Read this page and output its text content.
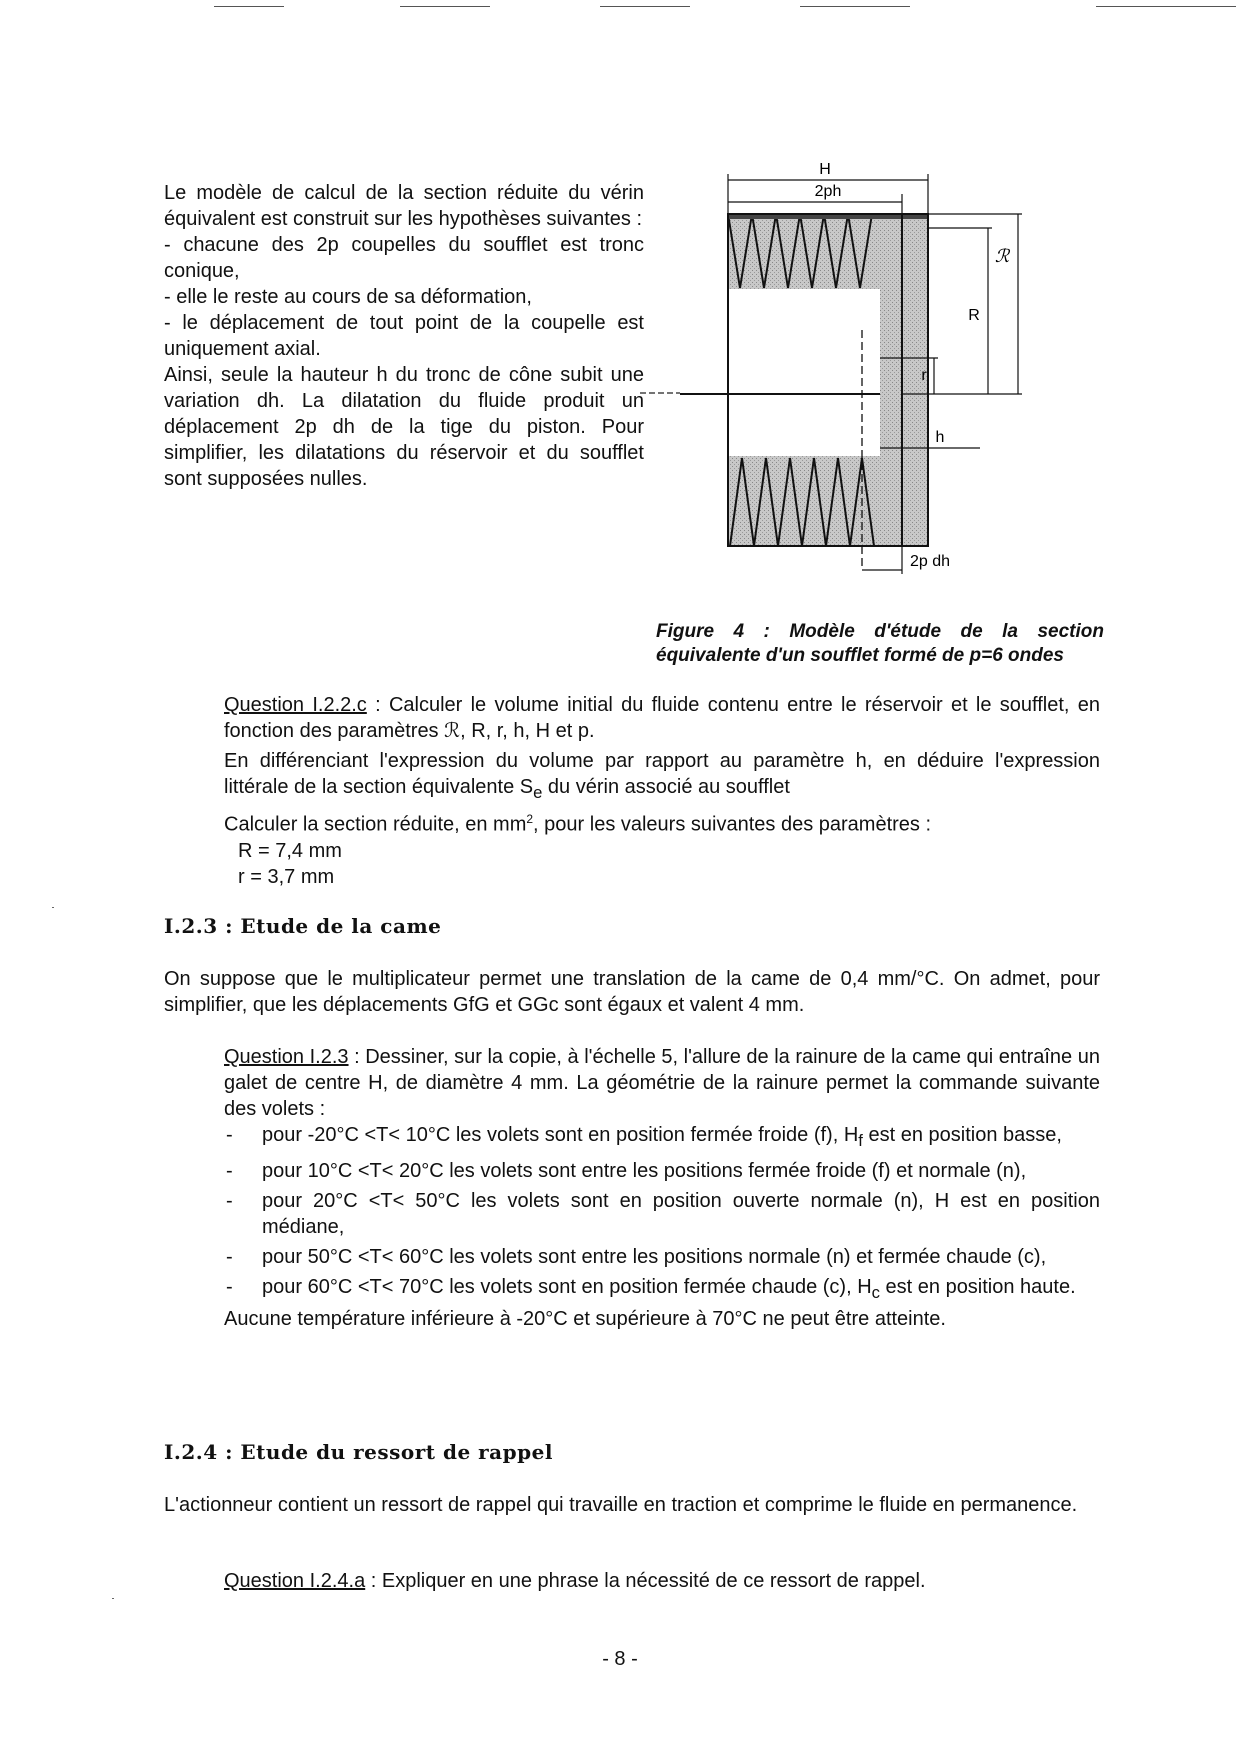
Le modèle de calcul de la section réduite du vérin équivalent est construit sur les hypothèses suivantes :

- chacune des 2p coupelles du soufflet est tronc conique,

- elle le reste au cours de sa déformation,

- le déplacement de tout point de la coupelle est uniquement axial.

Ainsi, seule la hauteur h du tronc de cône subit une variation dh. La dilatation du fluide produit un déplacement 2p dh de la tige du piston. Pour simplifier, les dilatations du réservoir et du soufflet sont supposées nulles.

H
2ph
ℛ
R
r
h
2p dh
Figure 4 : Modèle d'étude de la section équivalente d'un soufflet formé de p=6 ondes

Question I.2.2.c : Calculer le volume initial du fluide contenu entre le réservoir et le soufflet, en fonction des paramètres ℛ, R, r, h, H et p.

En différenciant l'expression du volume par rapport au paramètre h, en déduire l'expression littérale de la section équivalente $S_e$ du vérin associé au soufflet

Calculer la section réduite, en $mm^2$, pour les valeurs suivantes des paramètres :

R = 7,4 mm

r = 3,7 mm

I.2.3 : Etude de la came

On suppose que le multiplicateur permet une translation de la came de 0,4 mm/°C. On admet, pour simplifier, que les déplacements GfG et GGc sont égaux et valent 4 mm.

Question I.2.3 : Dessiner, sur la copie, à l'échelle 5, l'allure de la rainure de la came qui entraîne un galet de centre H, de diamètre 4 mm. La géométrie de la rainure permet la commande suivante des volets :

- pour -20°C <T< 10°C les volets sont en position fermée froide (f), $H_f$ est en position basse,
- pour 10°C <T< 20°C les volets sont entre les positions fermée froide (f) et normale (n),
- pour 20°C <T< 50°C les volets sont en position ouverte normale (n), H est en position médiane,
- pour 50°C <T< 60°C les volets sont entre les positions normale (n) et fermée chaude (c),
- pour 60°C <T< 70°C les volets sont en position fermée chaude (c), $H_c$ est en position haute.

Aucune température inférieure à -20°C et supérieure à 70°C ne peut être atteinte.

I.2.4 : Etude du ressort de rappel

L'actionneur contient un ressort de rappel qui travaille en traction et comprime le fluide en permanence.

Question I.2.4.a : Expliquer en une phrase la nécessité de ce ressort de rappel.

- 8 -
